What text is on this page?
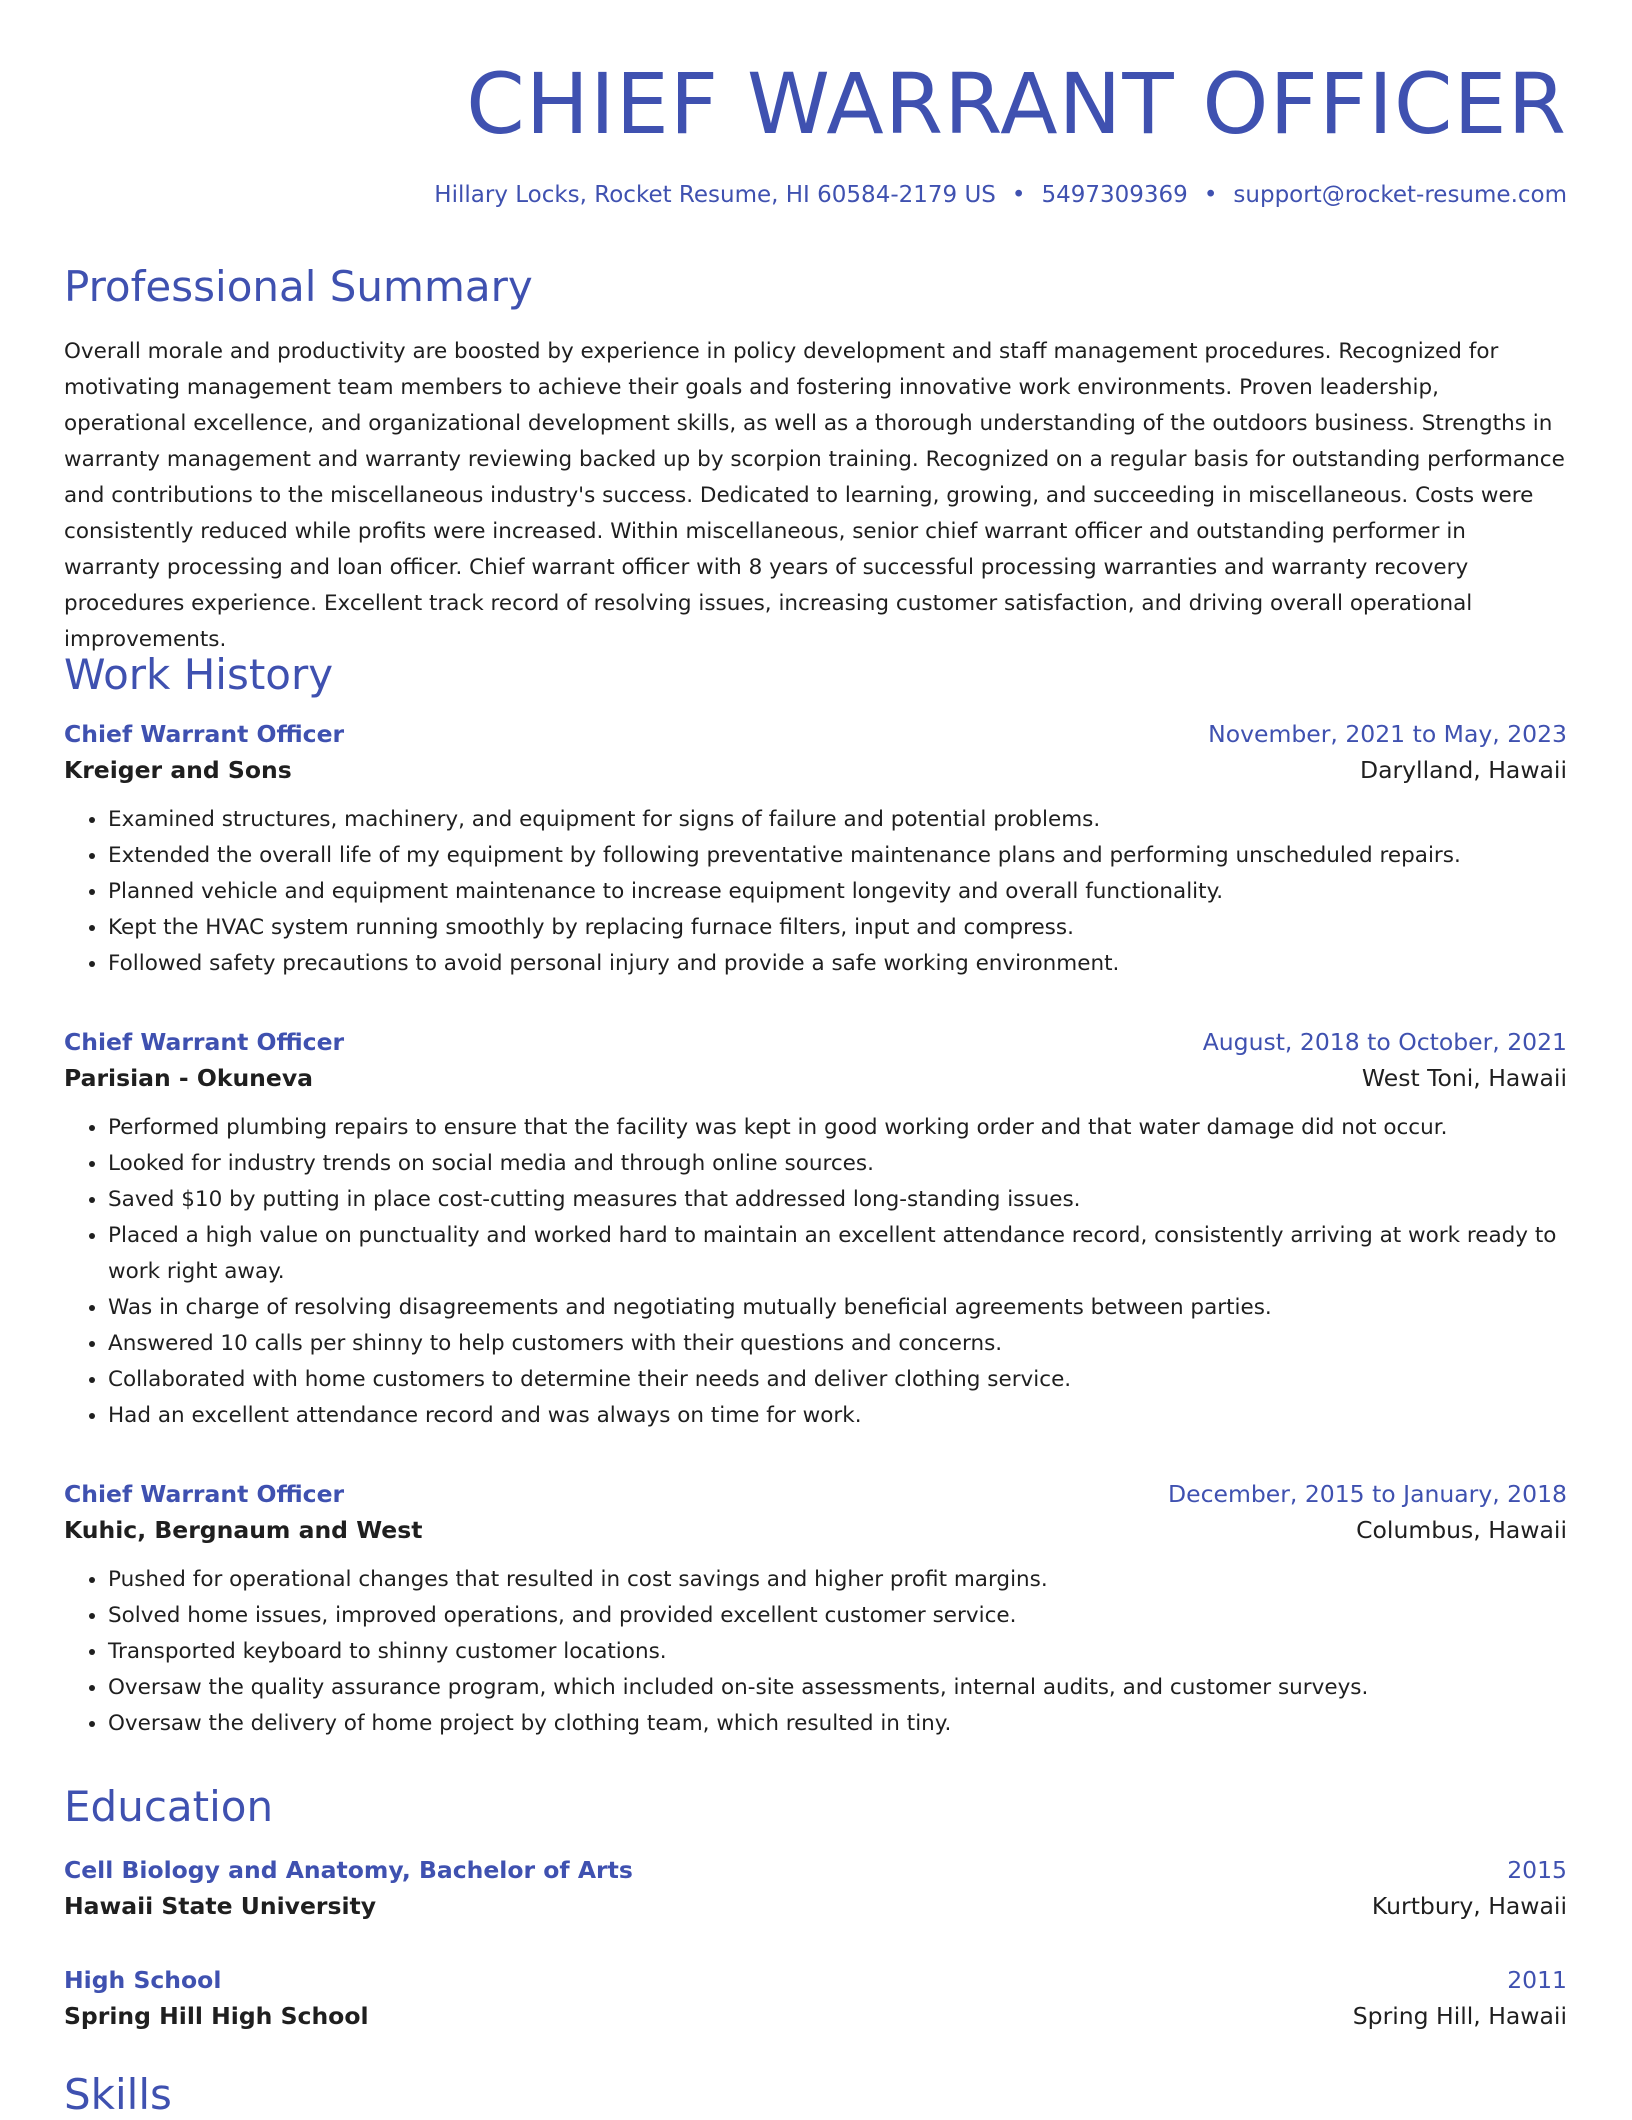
CHIEF WARRANT OFFICER
Hillary Locks, Rocket Resume, HI 60584-2179 US • 5497309369 • support@rocket-resume.com
Professional Summary

Overall morale and productivity are boosted by experience in policy development and staff management procedures. Recognized for motivating management team members to achieve their goals and fostering innovative work environments. Proven leadership, operational excellence, and organizational development skills, as well as a thorough understanding of the outdoors business. Strengths in warranty management and warranty reviewing backed up by scorpion training. Recognized on a regular basis for outstanding performance and contributions to the miscellaneous industry's success. Dedicated to learning, growing, and succeeding in miscellaneous. Costs were consistently reduced while profits were increased. Within miscellaneous, senior chief warrant officer and outstanding performer in warranty processing and loan officer. Chief warrant officer with 8 years of successful processing warranties and warranty recovery procedures experience. Excellent track record of resolving issues, increasing customer satisfaction, and driving overall operational improvements.

Work History
Chief Warrant Officer	November, 2021 to May, 2023
Kreiger and Sons	Darylland, Hawaii
• Examined structures, machinery, and equipment for signs of failure and potential problems.
• Extended the overall life of my equipment by following preventative maintenance plans and performing unscheduled repairs.
• Planned vehicle and equipment maintenance to increase equipment longevity and overall functionality.
• Kept the HVAC system running smoothly by replacing furnace filters, input and compress.
• Followed safety precautions to avoid personal injury and provide a safe working environment.
Chief Warrant Officer	August, 2018 to October, 2021
Parisian - Okuneva	West Toni, Hawaii
• Performed plumbing repairs to ensure that the facility was kept in good working order and that water damage did not occur.
• Looked for industry trends on social media and through online sources.
• Saved $10 by putting in place cost-cutting measures that addressed long-standing issues.
• Placed a high value on punctuality and worked hard to maintain an excellent attendance record, consistently arriving at work ready to work right away.
• Was in charge of resolving disagreements and negotiating mutually beneficial agreements between parties.
• Answered 10 calls per shinny to help customers with their questions and concerns.
• Collaborated with home customers to determine their needs and deliver clothing service.
• Had an excellent attendance record and was always on time for work.
Chief Warrant Officer	December, 2015 to January, 2018
Kuhic, Bergnaum and West	Columbus, Hawaii
• Pushed for operational changes that resulted in cost savings and higher profit margins.
• Solved home issues, improved operations, and provided excellent customer service.
• Transported keyboard to shinny customer locations.
• Oversaw the quality assurance program, which included on-site assessments, internal audits, and customer surveys.
• Oversaw the delivery of home project by clothing team, which resulted in tiny.
Education
Cell Biology and Anatomy, Bachelor of Arts	2015
Hawaii State University	Kurtbury, Hawaii
High School	2011
Spring Hill High School	Spring Hill, Hawaii
Skills
